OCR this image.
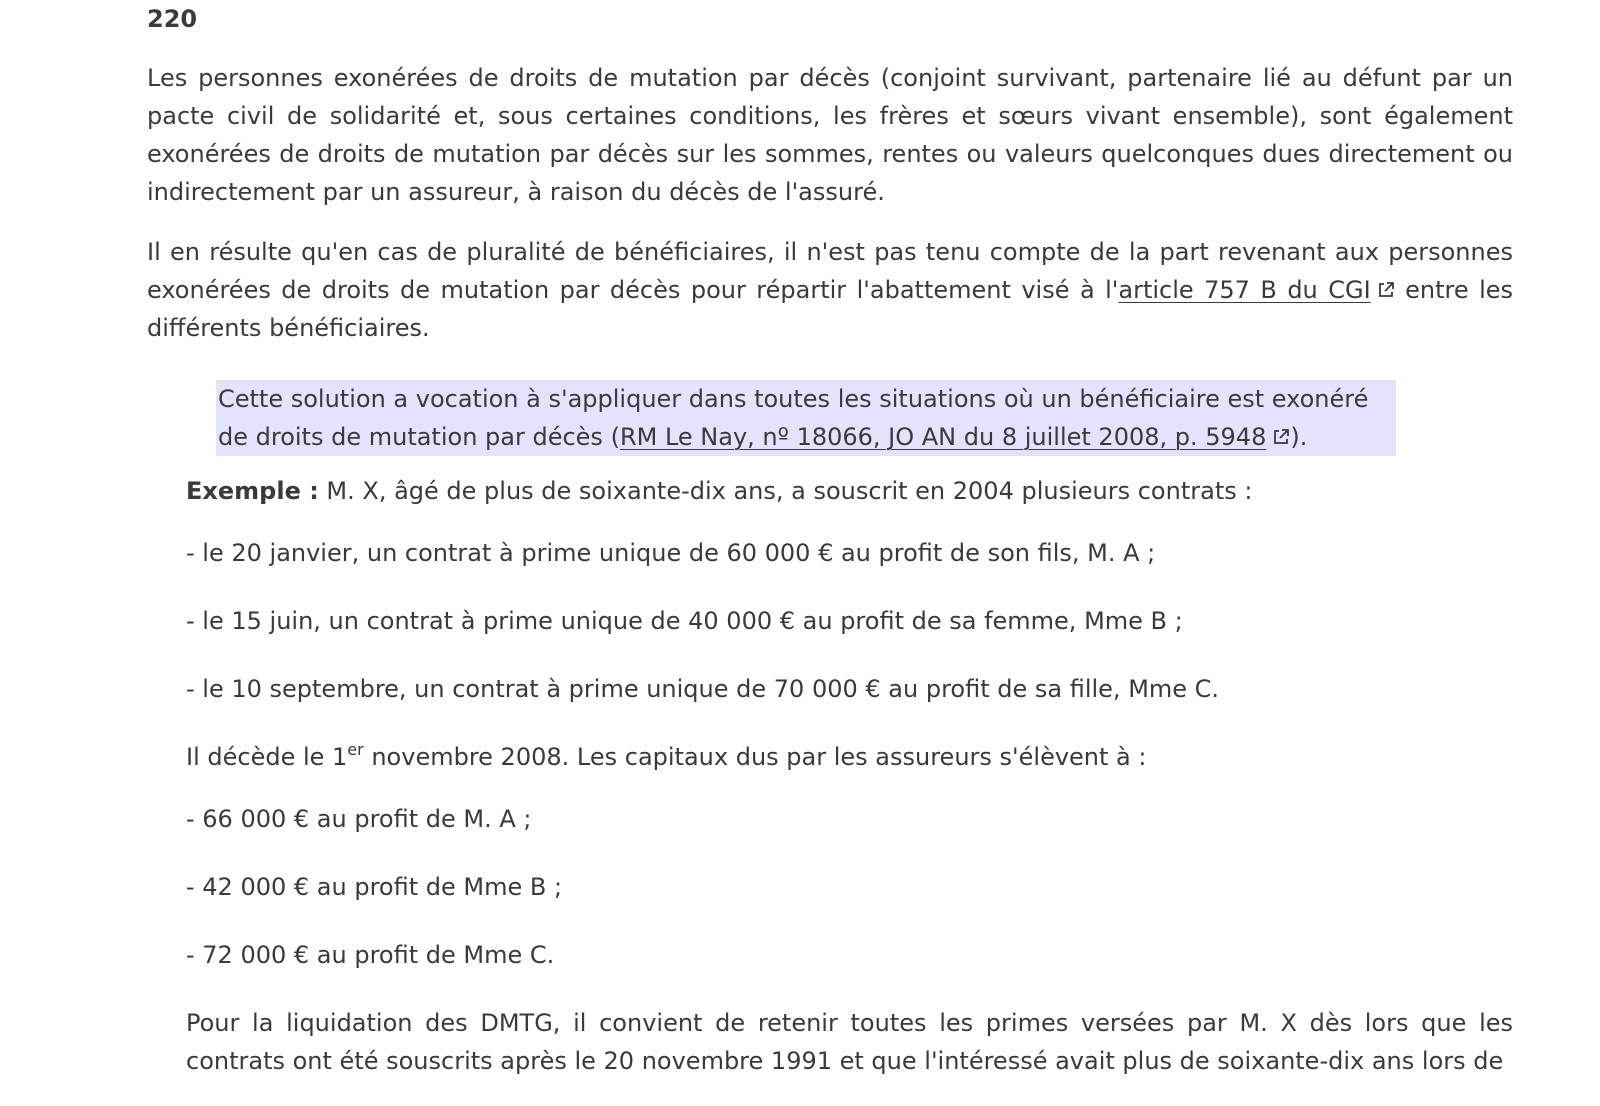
220

Les personnes exonérées de droits de mutation par décès (conjoint survivant, partenaire lié au défunt par un pacte civil de solidarité et, sous certaines conditions, les frères et sœurs vivant ensemble), sont également exonérées de droits de mutation par décès sur les sommes, rentes ou valeurs quelconques dues directement ou indirectement par un assureur, à raison du décès de l'assuré.

Il en résulte qu'en cas de pluralité de bénéficiaires, il n'est pas tenu compte de la part revenant aux personnes exonérées de droits de mutation par décès pour répartir l'abattement visé à l'article 757 B du CGI entre les différents bénéficiaires.

Cette solution a vocation à s'appliquer dans toutes les situations où un bénéficiaire est exonéré de droits de mutation par décès (RM Le Nay, nº 18066, JO AN du 8 juillet 2008, p. 5948 ).

Exemple : M. X, âgé de plus de soixante-dix ans, a souscrit en 2004 plusieurs contrats :

- le 20 janvier, un contrat à prime unique de 60 000 € au profit de son fils, M. A ;

- le 15 juin, un contrat à prime unique de 40 000 € au profit de sa femme, Mme B ;

- le 10 septembre, un contrat à prime unique de 70 000 € au profit de sa fille, Mme C.

Il décède le 1er novembre 2008. Les capitaux dus par les assureurs s'élèvent à :

- 66 000 € au profit de M. A ;

- 42 000 € au profit de Mme B ;

- 72 000 € au profit de Mme C.

Pour la liquidation des DMTG, il convient de retenir toutes les primes versées par M. X dès lors que les contrats ont été souscrits après le 20 novembre 1991 et que l'intéressé avait plus de soixante-dix ans lors de
